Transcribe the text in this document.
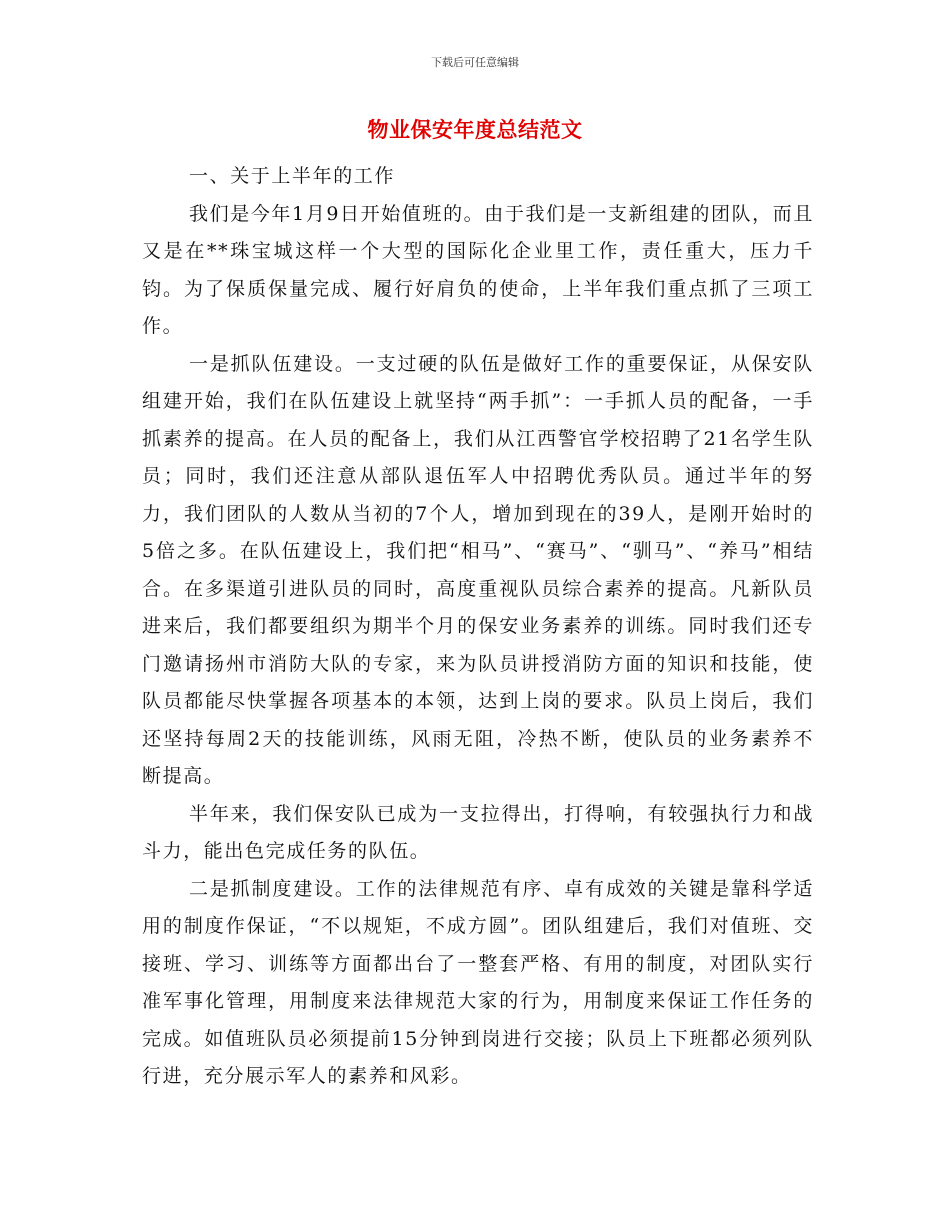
下载后可任意编辑
物业保安年度总结范文

一、关于上半年的工作

我们是今年1月9日开始值班的。由于我们是一支新组建的团队，而且又是在**珠宝城这样一个大型的国际化企业里工作，责任重大，压力千钧。为了保质保量完成、履行好肩负的使命，上半年我们重点抓了三项工作。

一是抓队伍建设。一支过硬的队伍是做好工作的重要保证，从保安队组建开始，我们在队伍建设上就坚持“两手抓”：一手抓人员的配备，一手抓素养的提高。在人员的配备上，我们从江西警官学校招聘了21名学生队员；同时，我们还注意从部队退伍军人中招聘优秀队员。通过半年的努力，我们团队的人数从当初的7个人，增加到现在的39人，是刚开始时的5倍之多。在队伍建设上，我们把“相马”、“赛马”、“驯马”、“养马”相结合。在多渠道引进队员的同时，高度重视队员综合素养的提高。凡新队员进来后，我们都要组织为期半个月的保安业务素养的训练。同时我们还专门邀请扬州市消防大队的专家，来为队员讲授消防方面的知识和技能，使队员都能尽快掌握各项基本的本领，达到上岗的要求。队员上岗后，我们还坚持每周2天的技能训练，风雨无阻，冷热不断，使队员的业务素养不断提高。

半年来，我们保安队已成为一支拉得出，打得响，有较强执行力和战斗力，能出色完成任务的队伍。

二是抓制度建设。工作的法律规范有序、卓有成效的关键是靠科学适用的制度作保证，“不以规矩，不成方圆”。团队组建后，我们对值班、交接班、学习、训练等方面都出台了一整套严格、有用的制度，对团队实行准军事化管理，用制度来法律规范大家的行为，用制度来保证工作任务的完成。如值班队员必须提前15分钟到岗进行交接；队员上下班都必须列队行进，充分展示军人的素养和风彩。
